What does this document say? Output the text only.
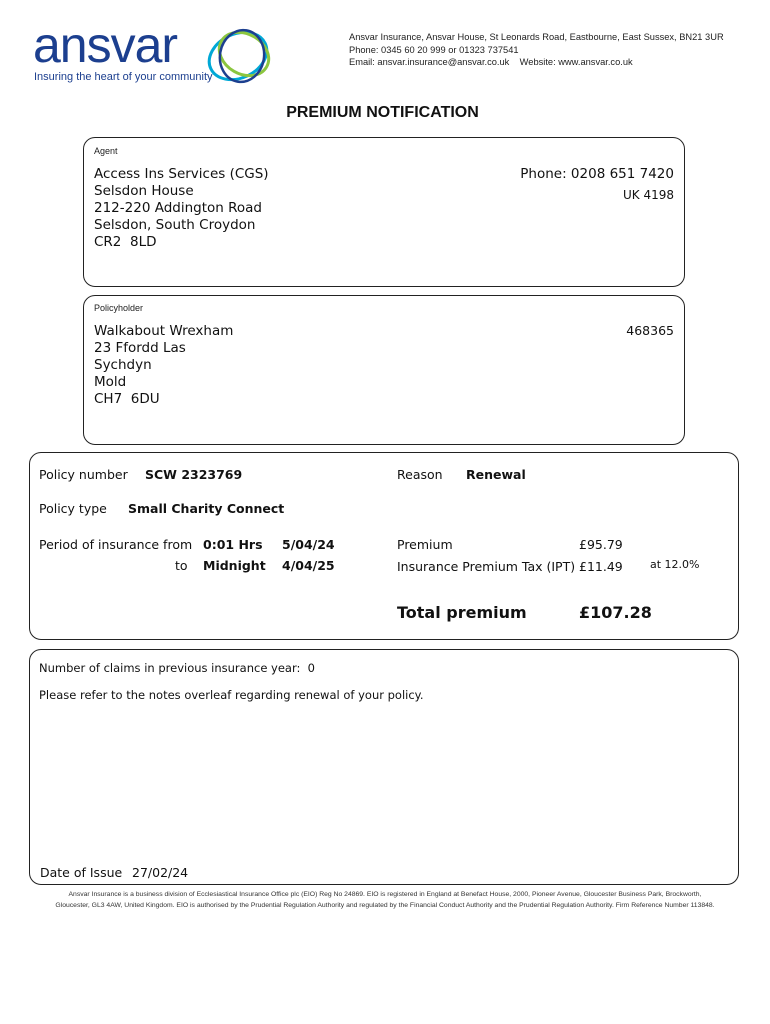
ansvar
Insuring the heart of your community
Ansvar Insurance, Ansvar House, St Leonards Road, Eastbourne, East Sussex, BN21 3UR
Phone: 0345 60 20 999 or 01323 737541
Email: ansvar.insurance@ansvar.co.uk    Website: www.ansvar.co.uk
PREMIUM NOTIFICATION
Agent
Access Ins Services (CGS)
Selsdon House
212-220 Addington Road
Selsdon, South Croydon
CR2  8LD
Phone: 0208 651 7420
UK 4198
Policyholder
Walkabout Wrexham
23 Ffordd Las
Sychdyn
Mold
CH7  6DU
468365
Policy number SCW 2323769	Reason Renewal
Policy type Small Charity Connect
Period of insurance from 0:01 Hrs 5/04/24
to Midnight 4/04/25
Premium	£95.79
Insurance Premium Tax (IPT) £11.49 at 12.0%
Total premium	£107.28
Number of claims in previous insurance year:  0
Please refer to the notes overleaf regarding renewal of your policy.
Date of Issue 27/02/24
Ansvar Insurance is a business division of Ecclesiastical Insurance Office plc (EIO) Reg No 24869. EIO is registered in England at Benefact House, 2000, Pioneer Avenue, Gloucester Business Park, Brockworth,
Gloucester, GL3 4AW, United Kingdom. EIO is authorised by the Prudential Regulation Authority and regulated by the Financial Conduct Authority and the Prudential Regulation Authority. Firm Reference Number 113848.
